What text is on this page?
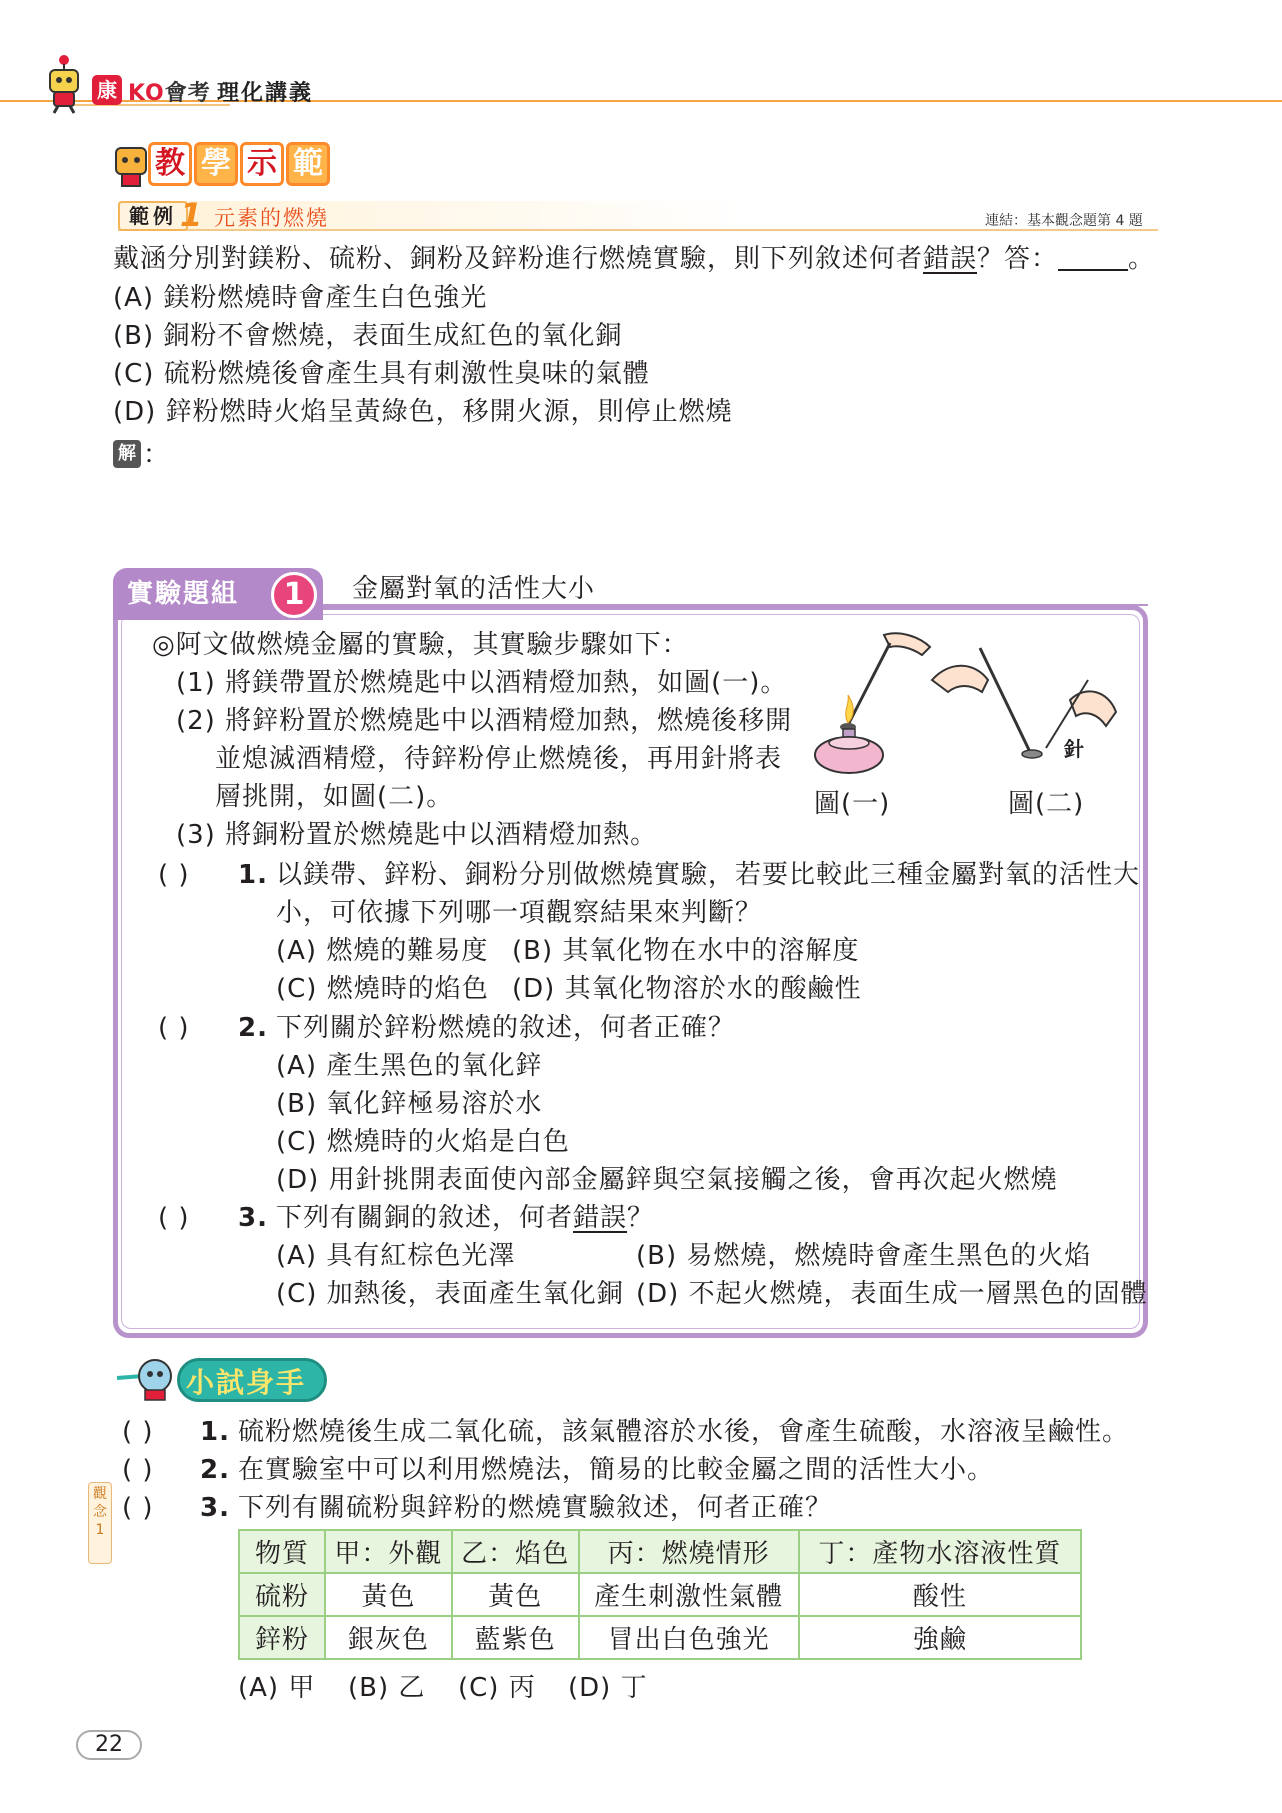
康 KO會考 理化講義
教 學 示 範
範例 1 元素的燃燒	連結：基本觀念題第 4 題
戴涵分別對鎂粉、硫粉、銅粉及鋅粉進行燃燒實驗，則下列敘述何者錯誤？答：	。
(A) 鎂粉燃燒時會產生白色強光
(B) 銅粉不會燃燒，表面生成紅色的氧化銅
(C) 硫粉燃燒後會產生具有刺激性臭味的氣體
(D) 鋅粉燃時火焰呈黃綠色，移開火源，則停止燃燒
解 ：
實驗題組	1	金屬對氧的活性大小
◎阿文做燃燒金屬的實驗，其實驗步驟如下：
(1) 將鎂帶置於燃燒匙中以酒精燈加熱，如圖(一)。
(2) 將鋅粉置於燃燒匙中以酒精燈加熱，燃燒後移開
並熄滅酒精燈，待鋅粉停止燃燒後，再用針將表
層挑開，如圖(二)。
(3) 將銅粉置於燃燒匙中以酒精燈加熱。
針
圖(一)	圖(二)
( ) 1. 以鎂帶、鋅粉、銅粉分別做燃燒實驗，若要比較此三種金屬對氧的活性大
小，可依據下列哪一項觀察結果來判斷？
(A) 燃燒的難易度 (B) 其氧化物在水中的溶解度
(C) 燃燒時的焰色 (D) 其氧化物溶於水的酸鹼性
( ) 2. 下列關於鋅粉燃燒的敘述，何者正確？
(A) 產生黑色的氧化鋅
(B) 氧化鋅極易溶於水
(C) 燃燒時的火焰是白色
(D) 用針挑開表面使內部金屬鋅與空氣接觸之後，會再次起火燃燒
( ) 3. 下列有關銅的敘述，何者錯誤？
(A) 具有紅棕色光澤	(B) 易燃燒，燃燒時會產生黑色的火焰
(C) 加熱後，表面產生氧化銅 (D) 不起火燃燒，表面生成一層黑色的固體
小試身手
( ) 1. 硫粉燃燒後生成二氧化硫，該氣體溶於水後，會產生硫酸，水溶液呈鹼性。
( ) 2. 在實驗室中可以利用燃燒法，簡易的比較金屬之間的活性大小。
觀念1
( ) 3. 下列有關硫粉與鋅粉的燃燒實驗敘述，何者正確？
物質	甲：外觀	乙：焰色	丙：燃燒情形	丁：產物水溶液性質
硫粉	黃色	黃色	產生刺激性氣體	酸性
鋅粉	銀灰色	藍紫色	冒出白色強光	強鹼
(A) 甲 (B) 乙 (C) 丙 (D) 丁
22
